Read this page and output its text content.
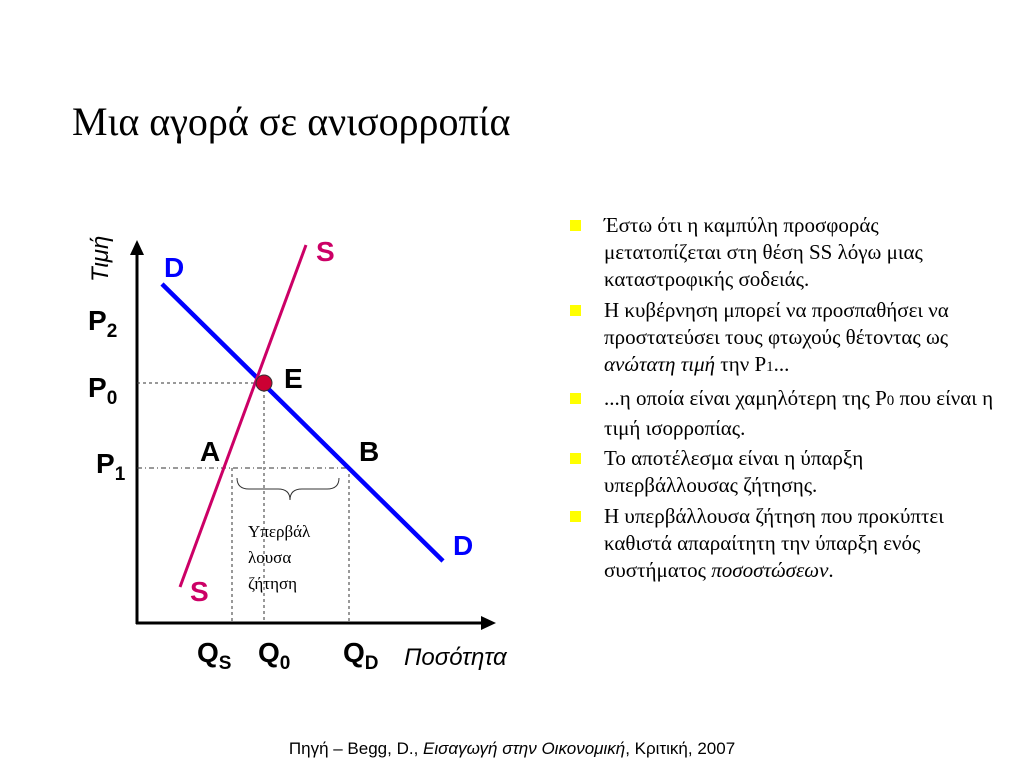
Μια αγορά σε ανισορροπία
Τιμή
Ποσότητα
D
D
S
S
E
A	B
$P_2$
$P_0$
$P_1$
$Q_S$ $Q_0$ $Q_D$
Υπερβάλ
λουσα
ζήτηση
Έστω ότι η καμπύλη προσφοράς μετατοπίζεται στη θέση SS λόγω μιας καταστροφικής σοδειάς.
Η κυβέρνηση μπορεί να προσπαθήσει να προστατεύσει τους φτωχούς θέτοντας ως ανώτατη τιμή την P1...
...η οποία είναι χαμηλότερη της P0 που είναι η τιμή ισορροπίας.
Το αποτέλεσμα είναι η ύπαρξη υπερβάλλουσας ζήτησης.
Η υπερβάλλουσα ζήτηση που προκύπτει καθιστά απαραίτητη την ύπαρξη ενός συστήματος ποσοστώσεων.
Πηγή – Begg, D., Εισαγωγή στην Οικονομική, Κριτική, 2007
